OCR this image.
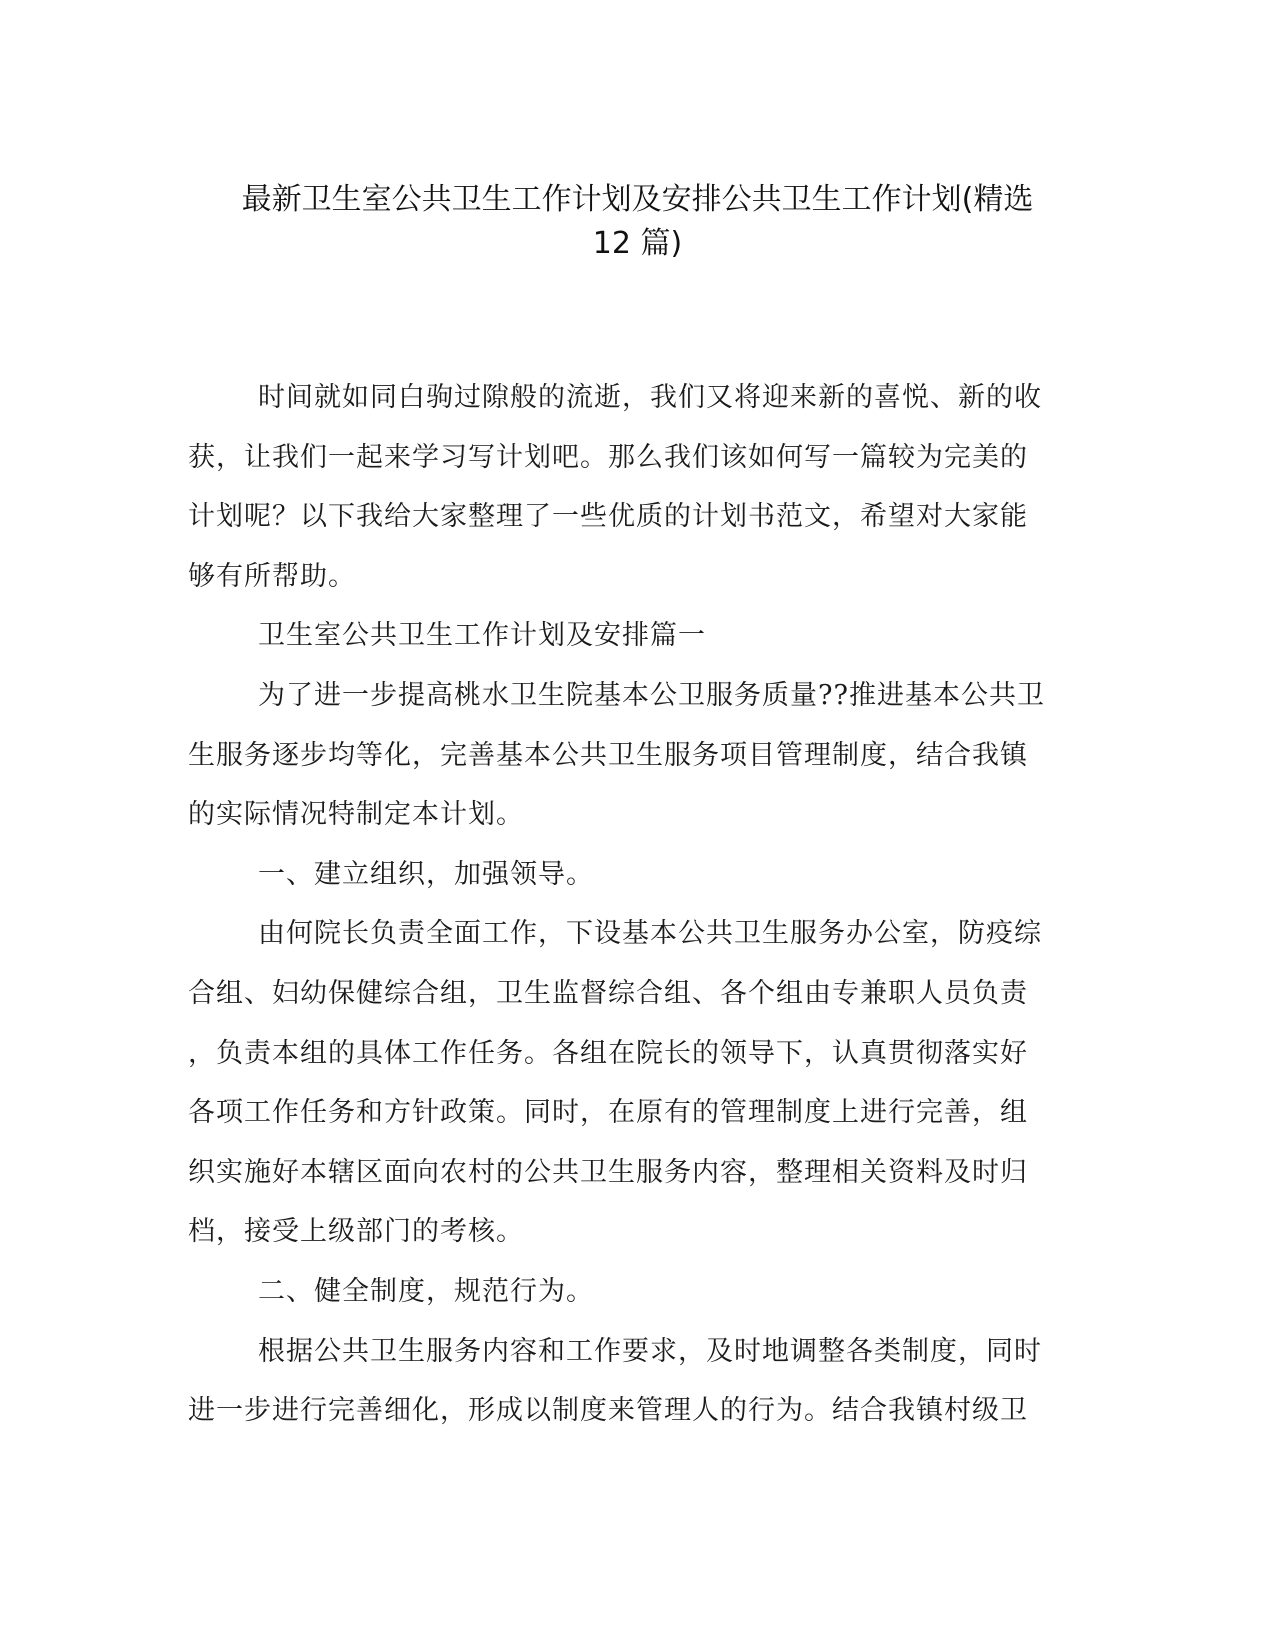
最新卫生室公共卫生工作计划及安排公共卫生工作计划(精选
12 篇)
时间就如同白驹过隙般的流逝，我们又将迎来新的喜悦、新的收
获，让我们一起来学习写计划吧。那么我们该如何写一篇较为完美的
计划呢？以下我给大家整理了一些优质的计划书范文，希望对大家能
够有所帮助。
卫生室公共卫生工作计划及安排篇一
为了进一步提高桃水卫生院基本公卫服务质量??推进基本公共卫
生服务逐步均等化，完善基本公共卫生服务项目管理制度，结合我镇
的实际情况特制定本计划。
一、建立组织，加强领导。
由何院长负责全面工作，下设基本公共卫生服务办公室，防疫综
合组、妇幼保健综合组，卫生监督综合组、各个组由专兼职人员负责
，负责本组的具体工作任务。各组在院长的领导下，认真贯彻落实好
各项工作任务和方针政策。同时，在原有的管理制度上进行完善，组
织实施好本辖区面向农村的公共卫生服务内容，整理相关资料及时归
档，接受上级部门的考核。
二、健全制度，规范行为。
根据公共卫生服务内容和工作要求，及时地调整各类制度，同时
进一步进行完善细化，形成以制度来管理人的行为。结合我镇村级卫
